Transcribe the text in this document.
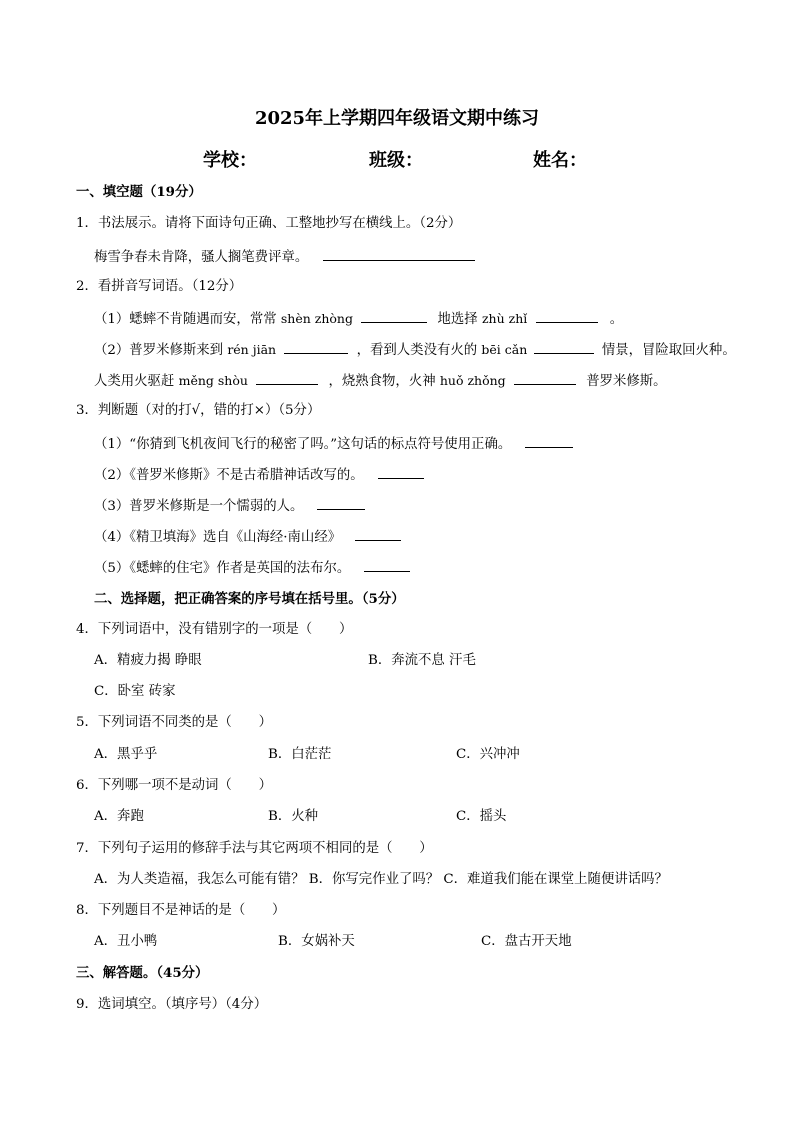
2025年上学期四年级语文期中练习
学校：	班级：	姓名：
一、填空题（19分）
1．书法展示。请将下面诗句正确、工整地抄写在横线上。（2分）
梅雪争春未肯降，骚人搁笔费评章。
2．看拼音写词语。（12分）
（1）蟋蟀不肯随遇而安，常常 shèn zhòng	地选择 zhù zhǐ	。
（2）普罗米修斯来到 rén jiān	，看到人类没有火的 bēi cǎn	情景，冒险取回火种。
人类用火驱赶 měng shòu	，烧熟食物，火神 huǒ zhǒng	普罗米修斯。
3．判断题（对的打√，错的打×）（5分）
（1）“你猜到飞机夜间飞行的秘密了吗。”这句话的标点符号使用正确。
（2）《普罗米修斯》不是古希腊神话改写的。
（3）普罗米修斯是一个懦弱的人。
（4）《精卫填海》选自《山海经·南山经》
（5）《蟋蟀的住宅》作者是英国的法布尔。
二、选择题，把正确答案的序号填在括号里。（5分）
4．下列词语中，没有错别字的一项是（　　）
A．精疲力揭 睁眼	B．奔流不息 汗毛
C．卧室 砖家
5．下列词语不同类的是（　　）
A．黑乎乎	B．白茫茫	C．兴冲冲
6．下列哪一项不是动词（　　）
A．奔跑	B．火种	C．摇头
7．下列句子运用的修辞手法与其它两项不相同的是（　　）
A．为人类造福，我怎么可能有错？ B．你写完作业了吗？ C．难道我们能在课堂上随便讲话吗？
8．下列题目不是神话的是（　　）
A．丑小鸭	B．女娲补天	C．盘古开天地
三、解答题。（45分）
9．选词填空。（填序号）（4分）
